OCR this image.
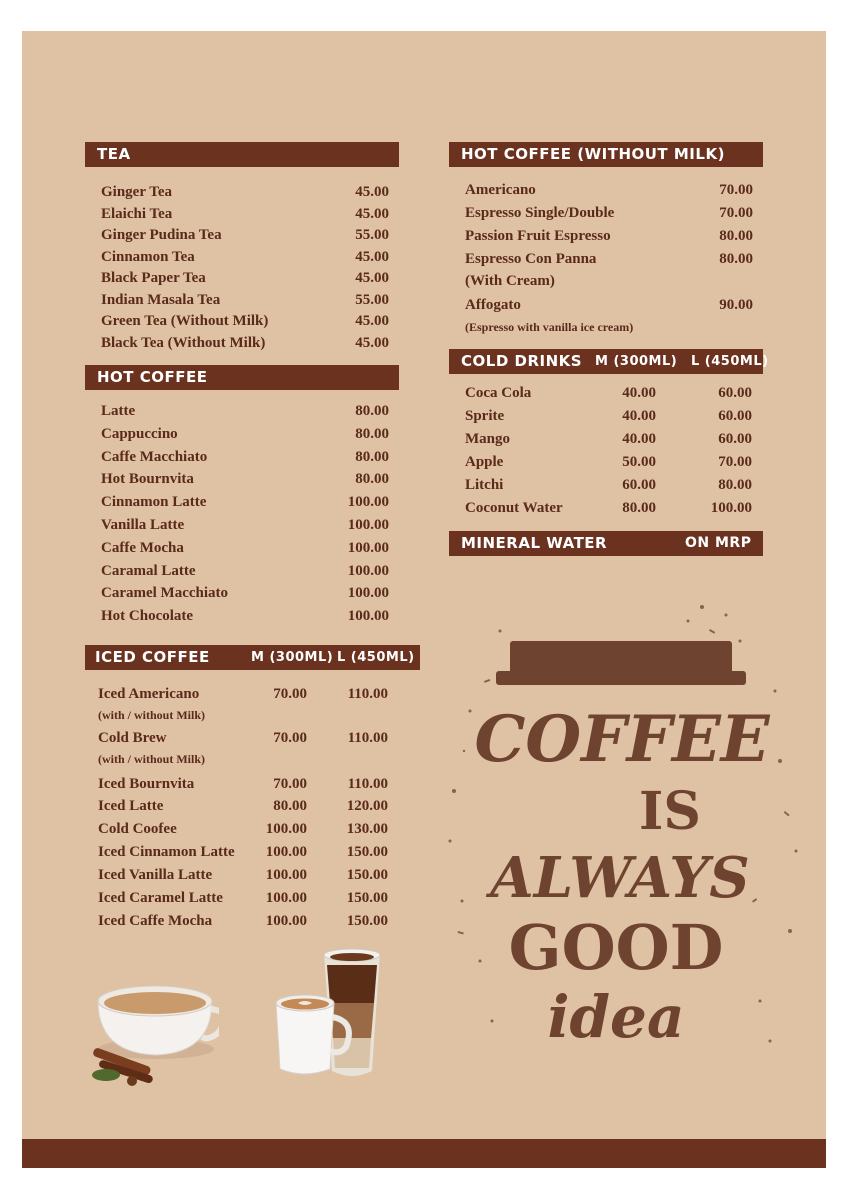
TEA
Ginger Tea	45.00
Elaichi Tea	45.00
Ginger Pudina Tea	55.00
Cinnamon Tea	45.00
Black Paper Tea	45.00
Indian Masala Tea	55.00
Green Tea (Without Milk)	45.00
Black Tea (Without Milk)	45.00
HOT COFFEE
Latte	80.00
Cappuccino	80.00
Caffe Macchiato	80.00
Hot Bournvita	80.00
Cinnamon Latte	100.00
Vanilla Latte	100.00
Caffe Mocha	100.00
Caramal Latte	100.00
Caramel Macchiato	100.00
Hot Chocolate	100.00
ICED COFFEE	M (300ML) L (450ML)
Iced Americano	70.00	110.00
(with / without Milk)
Cold Brew	70.00	110.00
(with / without Milk)
Iced Bournvita	70.00	110.00
Iced Latte	80.00	120.00
Cold Coofee	100.00	130.00
Iced Cinnamon Latte 100.00	150.00
Iced Vanilla Latte	100.00	150.00
Iced Caramel Latte	100.00	150.00
Iced Caffe Mocha	100.00	150.00
HOT COFFEE (WITHOUT MILK)
Americano	70.00
Espresso Single/Double	70.00
Passion Fruit Espresso	80.00
Espresso Con Panna	80.00
(With Cream)
Affogato	90.00
(Espresso with vanilla ice cream)
COLD DRINKS M (300ML) L (450ML)
Coca Cola	40.00	60.00
Sprite	40.00	60.00
Mango	40.00	60.00
Apple	50.00	70.00
Litchi	60.00	80.00
Coconut Water	80.00	100.00
MINERAL WATER	ON MRP
COFFEE
IS
ALWAYS
GOOD
idea
